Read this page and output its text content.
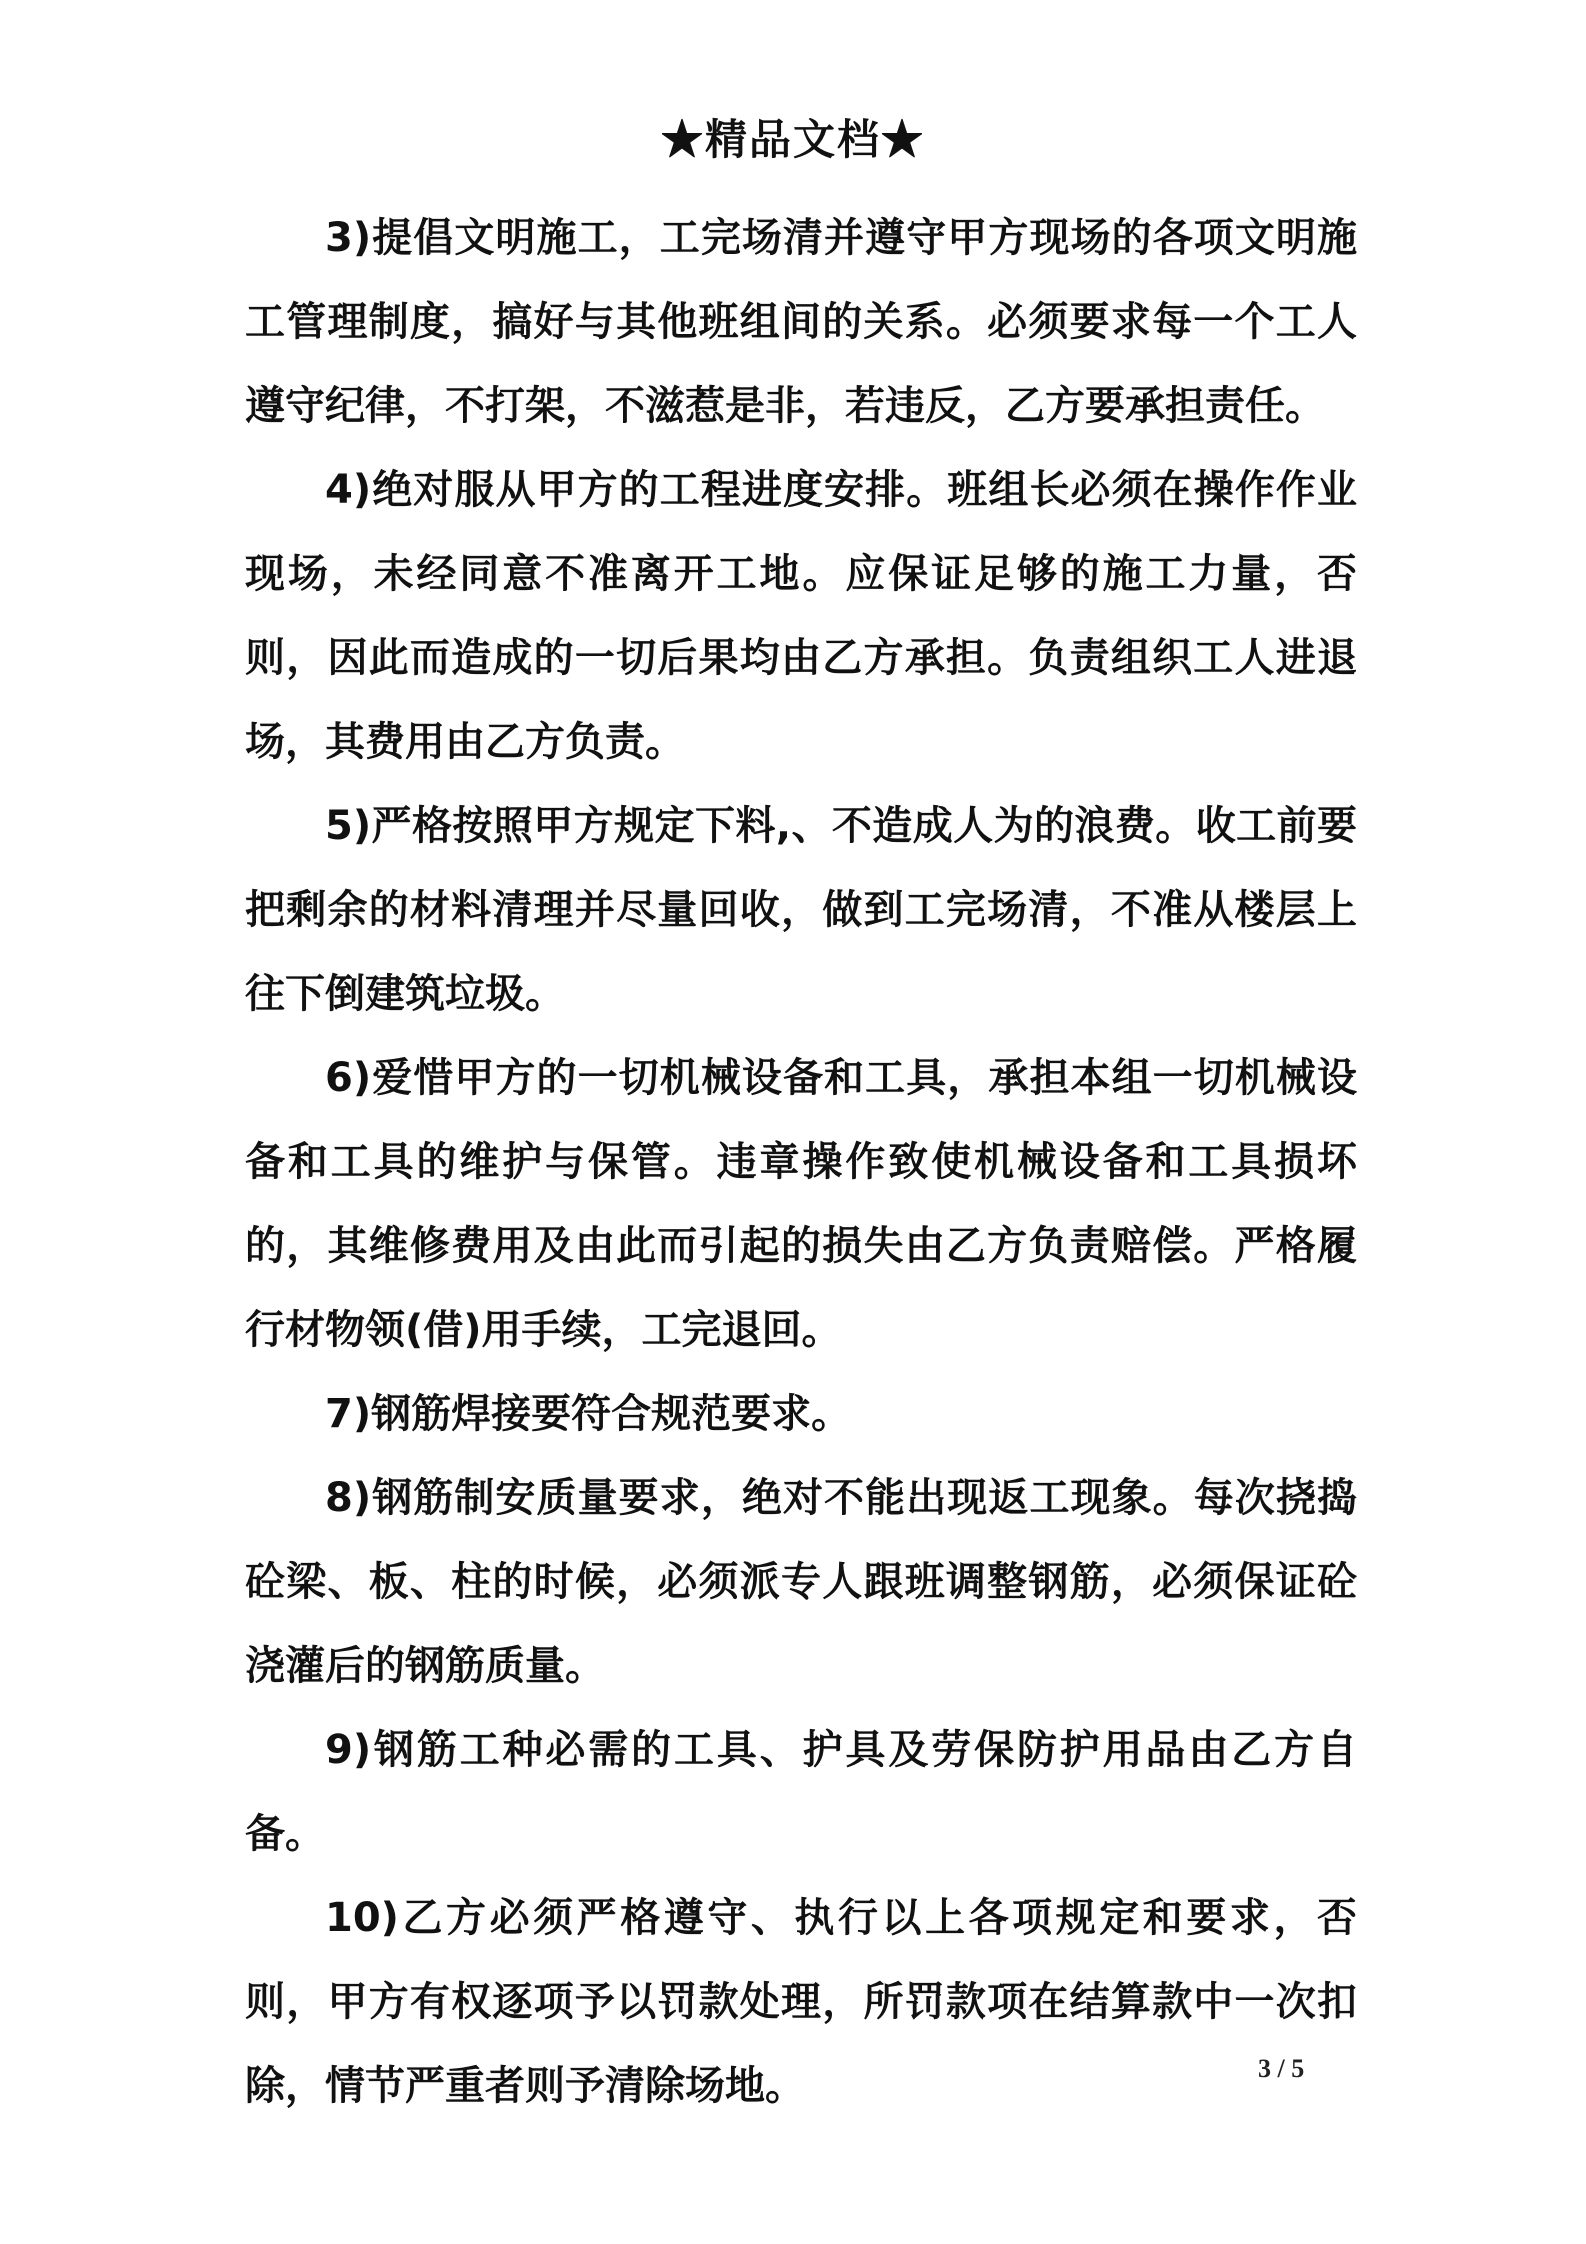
★精品文档★

3)提倡文明施工，工完场清并遵守甲方现场的各项文明施工管理制度，搞好与其他班组间的关系。必须要求每一个工人遵守纪律，不打架，不滋惹是非，若违反，乙方要承担责任。

4)绝对服从甲方的工程进度安排。班组长必须在操作作业现场，未经同意不准离开工地。应保证足够的施工力量，否则，因此而造成的一切后果均由乙方承担。负责组织工人进退场，其费用由乙方负责。

5)严格按照甲方规定下料,、不造成人为的浪费。收工前要把剩余的材料清理并尽量回收，做到工完场清，不准从楼层上往下倒建筑垃圾。

6)爱惜甲方的一切机械设备和工具，承担本组一切机械设备和工具的维护与保管。违章操作致使机械设备和工具损坏的，其维修费用及由此而引起的损失由乙方负责赔偿。严格履行材物领(借)用手续，工完退回。

7)钢筋焊接要符合规范要求。

8)钢筋制安质量要求，绝对不能出现返工现象。每次挠捣砼梁、板、柱的时候，必须派专人跟班调整钢筋，必须保证砼浇灌后的钢筋质量。

9)钢筋工种必需的工具、护具及劳保防护用品由乙方自备。

10)乙方必须严格遵守、执行以上各项规定和要求，否则，甲方有权逐项予以罚款处理，所罚款项在结算款中一次扣除，情节严重者则予清除场地。	3 / 5
